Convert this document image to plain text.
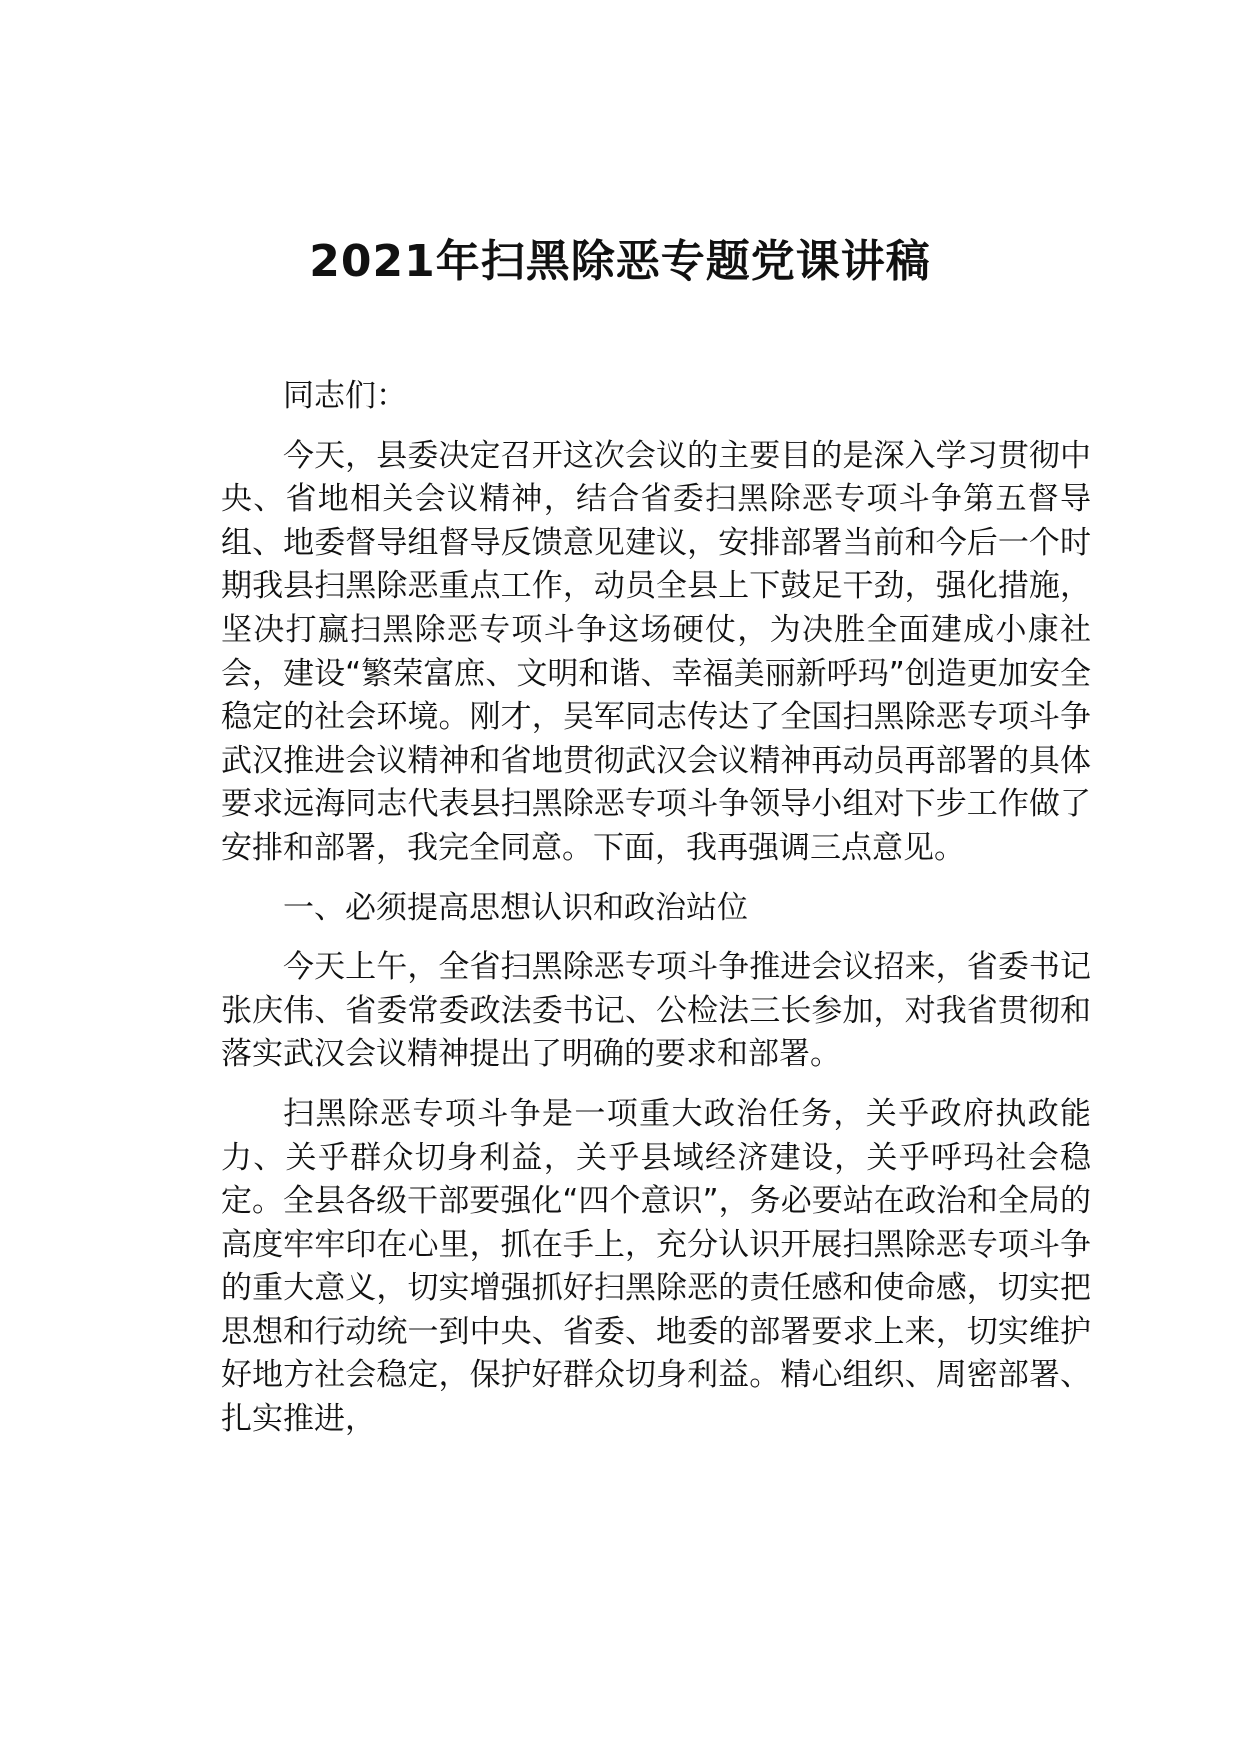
2021年扫黑除恶专题党课讲稿

同志们：

今天，县委决定召开这次会议的主要目的是深入学习贯彻中央、省地相关会议精神，结合省委扫黑除恶专项斗争第五督导组、地委督导组督导反馈意见建议，安排部署当前和今后一个时期我县扫黑除恶重点工作，动员全县上下鼓足干劲，强化措施，坚决打赢扫黑除恶专项斗争这场硬仗，为决胜全面建成小康社会，建设“繁荣富庶、文明和谐、幸福美丽新呼玛”创造更加安全稳定的社会环境。刚才，吴军同志传达了全国扫黑除恶专项斗争武汉推进会议精神和省地贯彻武汉会议精神再动员再部署的具体要求远海同志代表县扫黑除恶专项斗争领导小组对下步工作做了安排和部署，我完全同意。下面，我再强调三点意见。

一、必须提高思想认识和政治站位

今天上午，全省扫黑除恶专项斗争推进会议招来，省委书记张庆伟、省委常委政法委书记、公检法三长参加，对我省贯彻和落实武汉会议精神提出了明确的要求和部署。

扫黑除恶专项斗争是一项重大政治任务，关乎政府执政能力、关乎群众切身利益，关乎县域经济建设，关乎呼玛社会稳定。全县各级干部要强化“四个意识”，务必要站在政治和全局的高度牢牢印在心里，抓在手上，充分认识开展扫黑除恶专项斗争的重大意义，切实增强抓好扫黑除恶的责任感和使命感，切实把思想和行动统一到中央、省委、地委的部署要求上来，切实维护好地方社会稳定，保护好群众切身利益。精心组织、周密部署、扎实推进，
